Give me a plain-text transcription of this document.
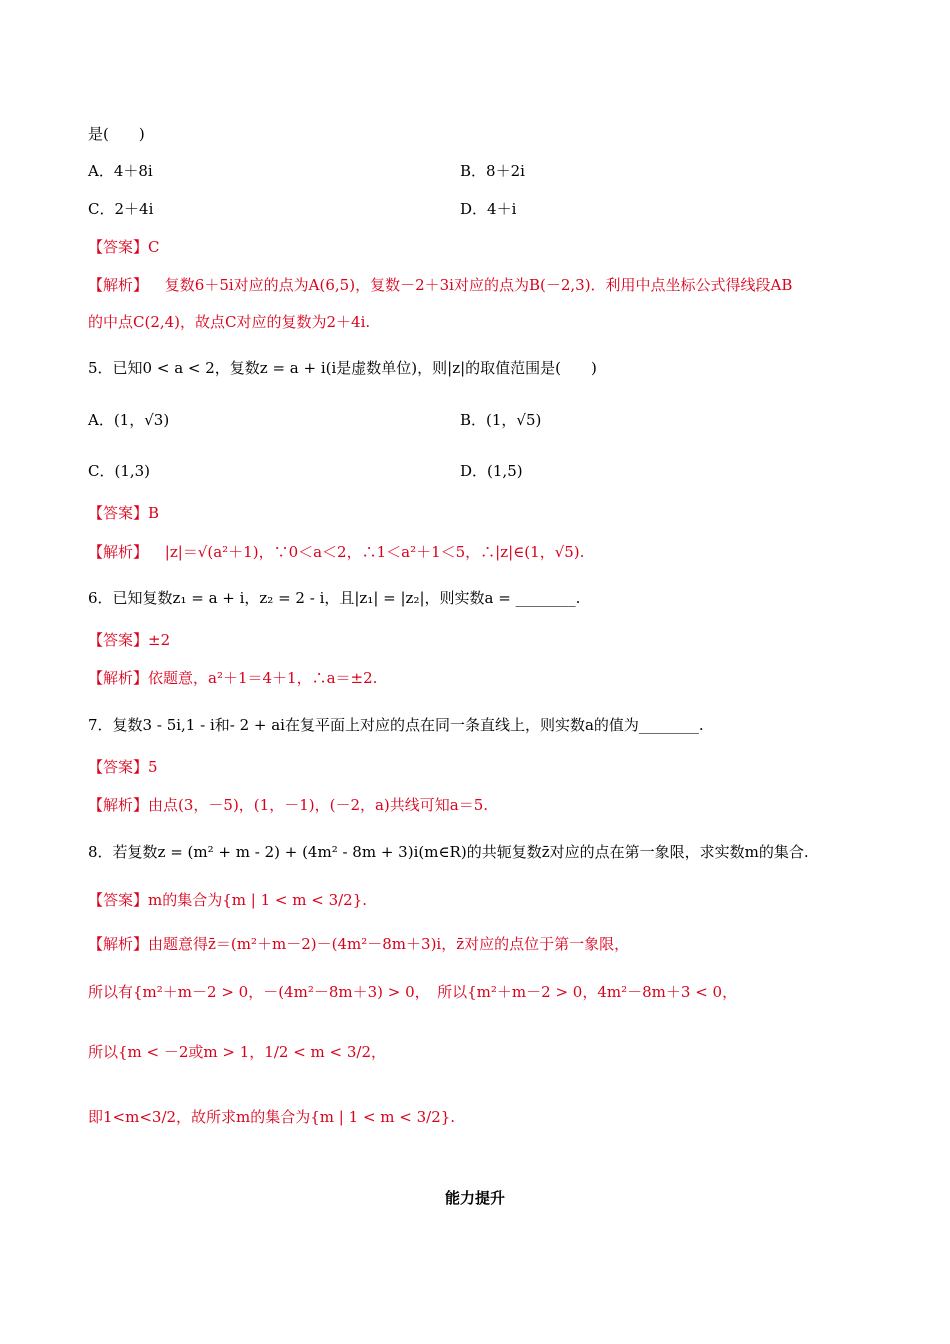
是(　　)
A．4＋8i	B．8＋2i
C．2＋4i	D．4＋i
【答案】C
【解析】 复数6＋5i对应的点为A(6,5)，复数－2＋3i对应的点为B(－2,3)．利用中点坐标公式得线段AB
的中点C(2,4)，故点C对应的复数为2＋4i.
5．已知0 < a < 2，复数z = a + i(i是虚数单位)，则|z|的取值范围是(　　)
A．(1，√3)	B．(1，√5)
C．(1,3)	D．(1,5)
【答案】B
【解析】 |z|＝√(a²＋1)，∵0＜a＜2，∴1＜a²＋1＜5，∴|z|∈(1，√5).
6．已知复数z₁ = a + i，z₂ = 2 - i，且|z₁| = |z₂|，则实数a = ________.
【答案】±2
【解析】依题意，a²＋1＝4＋1，∴a＝±2.
7．复数3 - 5i,1 - i和- 2 + ai在复平面上对应的点在同一条直线上，则实数a的值为________.
【答案】5
【解析】由点(3，－5)，(1，－1)，(－2，a)共线可知a＝5.
8．若复数z = (m² + m - 2) + (4m² - 8m + 3)i(m∈R)的共轭复数z̄对应的点在第一象限，求实数m的集合.
【答案】m的集合为{m | 1 < m < 3/2}.
【解析】由题意得z̄＝(m²＋m－2)－(4m²－8m＋3)i，z̄对应的点位于第一象限，
所以有{m²＋m－2 > 0，－(4m²－8m＋3) > 0，　所以{m²＋m－2 > 0，4m²－8m＋3 < 0，
所以{m < －2或m > 1，1/2 < m < 3/2，
即1<m<3/2，故所求m的集合为{m | 1 < m < 3/2}.
能力提升
